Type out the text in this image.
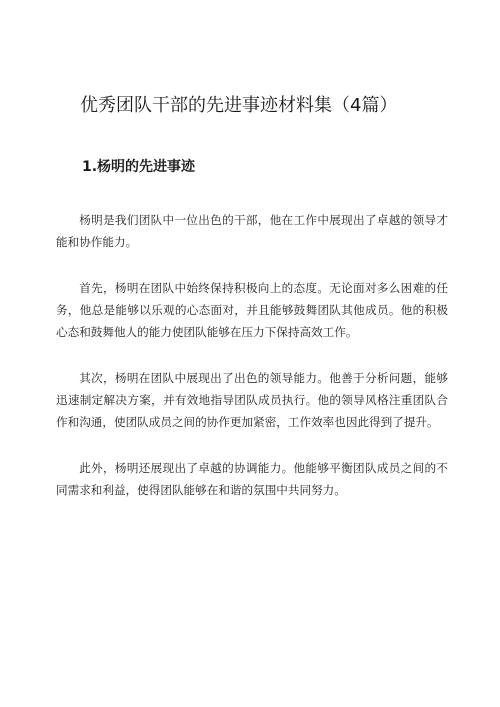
优秀团队干部的先进事迹材料集（4篇）
1.杨明的先进事迹

杨明是我们团队中一位出色的干部，他在工作中展现出了卓越的领导才能和协作能力。

首先，杨明在团队中始终保持积极向上的态度。无论面对多么困难的任务，他总是能够以乐观的心态面对，并且能够鼓舞团队其他成员。他的积极心态和鼓舞他人的能力使团队能够在压力下保持高效工作。

其次，杨明在团队中展现出了出色的领导能力。他善于分析问题，能够迅速制定解决方案，并有效地指导团队成员执行。他的领导风格注重团队合作和沟通，使团队成员之间的协作更加紧密，工作效率也因此得到了提升。

此外，杨明还展现出了卓越的协调能力。他能够平衡团队成员之间的不同需求和利益，使得团队能够在和谐的氛围中共同努力。
